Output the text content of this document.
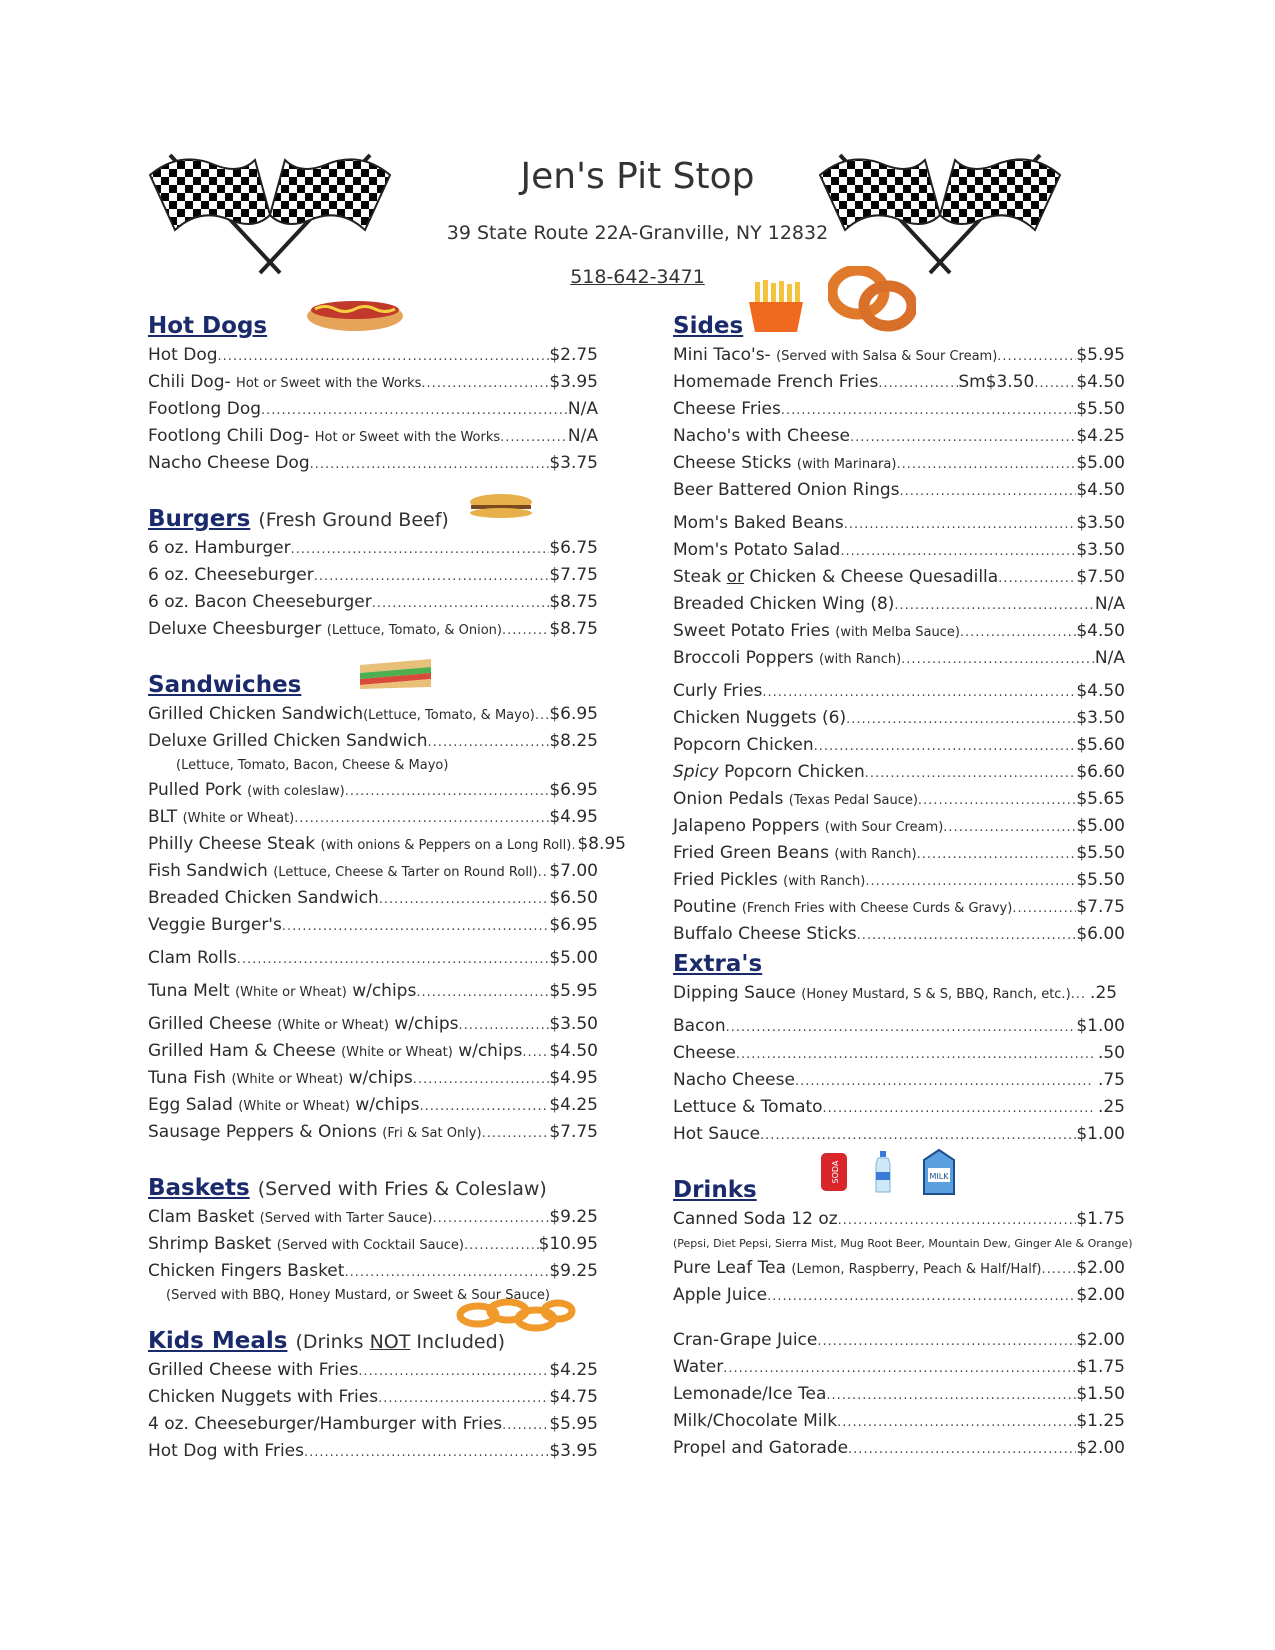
Jen's Pit Stop
39 State Route 22A-Granville, NY 12832
518-642-3471
SODA	MILK
Hot Dogs
Hot Dog .....	$2.75
Chili Dog-
Hot or Sweet with the Works .....	$3.95
Footlong Dog .....	N/A
Footlong Chili Dog-
Hot or Sweet with the Works .....	N/A
Nacho Cheese Dog .....	$3.75
Burgers (Fresh Ground Beef)
6 oz. Hamburger .....	$6.75
6 oz. Cheeseburger .....	$7.75
6 oz. Bacon Cheeseburger .....	$8.75
Deluxe Cheesburger
(Lettuce, Tomato, & Onion) .....	$8.75
Sandwiches
Grilled Chicken Sandwich (Lettuce, Tomato, & Mayo) ..... $6.95
Deluxe Grilled Chicken Sandwich .....	$8.25
(Lettuce, Tomato, Bacon, Cheese & Mayo)
Pulled Pork
(with coleslaw) .....	$6.95
BLT
(White or Wheat) .....	$4.95
Philly Cheese Steak
(with onions & Peppers on a Long Roll) ..... $8.95
Fish Sandwich
(Lettuce, Cheese & Tarter on Round Roll) ..... $7.00
Breaded Chicken Sandwich .....	$6.50
Veggie Burger's .....	$6.95
Clam Rolls .....	$5.00
Tuna Melt
(White or Wheat)
w/chips .....	$5.95
Grilled Cheese
(White or Wheat)
w/chips .....	$3.50
Grilled Ham & Cheese
(White or Wheat)
w/chips ..... $4.50
Tuna Fish
(White or Wheat)
w/chips .....	$4.95
Egg Salad
(White or Wheat)
w/chips .....	$4.25
Sausage Peppers & Onions
(Fri & Sat Only) .....	$7.75
Baskets (Served with Fries & Coleslaw)
Clam Basket
(Served with Tarter Sauce) .....	$9.25
Shrimp Basket
(Served with Cocktail Sauce) .....	$10.95
Chicken Fingers Basket .....	$9.25
(Served with BBQ, Honey Mustard, or Sweet & Sour Sauce)
Kids Meals (Drinks NOT Included)
Grilled Cheese with Fries .....	$4.25
Chicken Nuggets with Fries .....	$4.75
4 oz. Cheeseburger/Hamburger with Fries .....	$5.95
Hot Dog with Fries .....	$3.95
Sides
Mini Taco's-
(Served with Salsa & Sour Cream) .....	$5.95
Homemade French Fries .....	Sm$3.50 ..... $4.50
Cheese Fries .....	$5.50
Nacho's with Cheese .....	$4.25
Cheese Sticks
(with Marinara) .....	$5.00
Beer Battered Onion Rings .....	$4.50
Mom's Baked Beans .....	$3.50
Mom's Potato Salad .....	$3.50
Steak or Chicken & Cheese Quesadilla .....	$7.50
Breaded Chicken Wing (8) .....	N/A
Sweet Potato Fries
(with Melba Sauce) .....	$4.50
Broccoli Poppers
(with Ranch) .....	N/A
Curly Fries .....	$4.50
Chicken Nuggets (6) .....	$3.50
Popcorn Chicken .....	$5.60
Spicy Popcorn Chicken .....	$6.60
Onion Pedals
(Texas Pedal Sauce) .....	$5.65
Jalapeno Poppers
(with Sour Cream) .....	$5.00
Fried Green Beans
(with Ranch) .....	$5.50
Fried Pickles
(with Ranch) .....	$5.50
Poutine
(French Fries with Cheese Curds & Gravy) .....	$7.75
Buffalo Cheese Sticks .....	$6.00
Extra's
Dipping Sauce
(Honey Mustard, S & S, BBQ, Ranch, etc.) .....
.25
Bacon .....	$1.00
Cheese .....
	.50
Nacho Cheese .....
	.75
Lettuce & Tomato .....
	.25
Hot Sauce .....	$1.00
Drinks
Canned Soda 12 oz .....	$1.75
(Pepsi, Diet Pepsi, Sierra Mist, Mug Root Beer, Mountain Dew, Ginger Ale & Orange)
Pure Leaf Tea
(Lemon, Raspberry, Peach & Half/Half) ..... $2.00
Apple Juice .....	$2.00
Cran-Grape Juice .....	$2.00
Water .....	$1.75
Lemonade/Ice Tea .....	$1.50
Milk/Chocolate Milk .....	$1.25
Propel and Gatorade .....	$2.00
